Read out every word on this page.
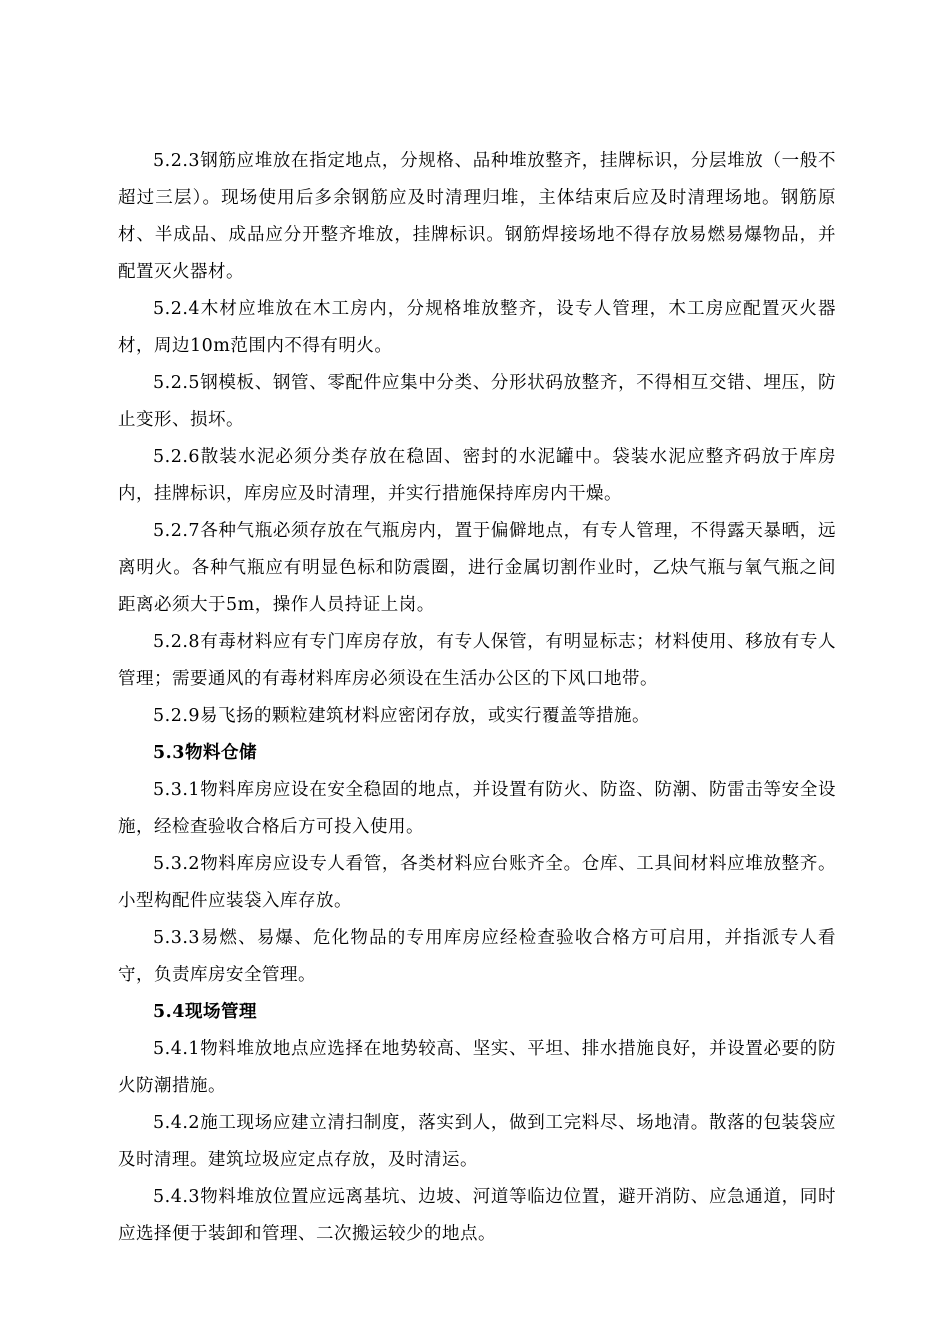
5.2.3钢筋应堆放在指定地点，分规格、品种堆放整齐，挂牌标识，分层堆放（一般不超过三层）。现场使用后多余钢筋应及时清理归堆，主体结束后应及时清理场地。钢筋原材、半成品、成品应分开整齐堆放，挂牌标识。钢筋焊接场地不得存放易燃易爆物品，并配置灭火器材。

5.2.4木材应堆放在木工房内，分规格堆放整齐，设专人管理，木工房应配置灭火器材，周边10m范围内不得有明火。

5.2.5钢模板、钢管、零配件应集中分类、分形状码放整齐，不得相互交错、埋压，防止变形、损坏。

5.2.6散装水泥必须分类存放在稳固、密封的水泥罐中。袋装水泥应整齐码放于库房内，挂牌标识，库房应及时清理，并实行措施保持库房内干燥。

5.2.7各种气瓶必须存放在气瓶房内，置于偏僻地点，有专人管理，不得露天暴晒，远离明火。各种气瓶应有明显色标和防震圈，进行金属切割作业时，乙炔气瓶与氧气瓶之间距离必须大于5m，操作人员持证上岗。

5.2.8有毒材料应有专门库房存放，有专人保管，有明显标志；材料使用、移放有专人管理；需要通风的有毒材料库房必须设在生活办公区的下风口地带。

5.2.9易飞扬的颗粒建筑材料应密闭存放，或实行覆盖等措施。

5.3物料仓储

5.3.1物料库房应设在安全稳固的地点，并设置有防火、防盗、防潮、防雷击等安全设施，经检查验收合格后方可投入使用。

5.3.2物料库房应设专人看管，各类材料应台账齐全。仓库、工具间材料应堆放整齐。小型构配件应装袋入库存放。

5.3.3易燃、易爆、危化物品的专用库房应经检查验收合格方可启用，并指派专人看守，负责库房安全管理。

5.4现场管理

5.4.1物料堆放地点应选择在地势较高、坚实、平坦、排水措施良好，并设置必要的防火防潮措施。

5.4.2施工现场应建立清扫制度，落实到人，做到工完料尽、场地清。散落的包装袋应及时清理。建筑垃圾应定点存放，及时清运。

5.4.3物料堆放位置应远离基坑、边坡、河道等临边位置，避开消防、应急通道，同时应选择便于装卸和管理、二次搬运较少的地点。
